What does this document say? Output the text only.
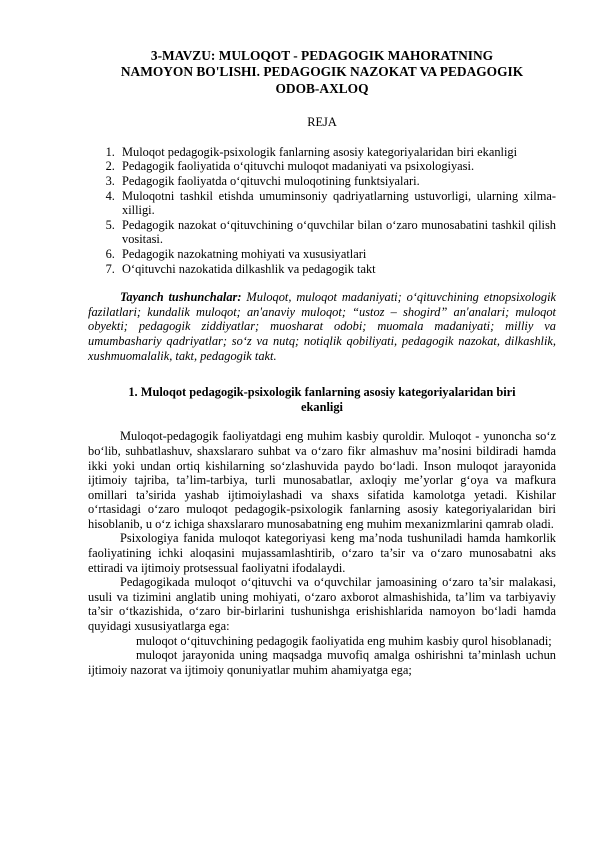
3-MAVZU: MULOQOT - PEDAGOGIK MAHORATNING
NAMOYON BO'LISHI. PEDAGOGIK NAZOKAT VA PEDAGOGIK
ODOB-AXLOQ
REJA
1. Muloqot pedagogik-psixologik fanlarning asosiy kategoriyalaridan biri ekanligi
2. Pedagogik faoliyatida o‘qituvchi muloqot madaniyati va psixologiyasi.
3. Pedagogik faoliyatda o‘qituvchi muloqotining funktsiyalari.
4. Muloqotni tashkil etishda umuminsoniy qadriyatlarning ustuvorligi, ularning xilma-xilligi.
5. Pedagogik nazokat o‘qituvchining o‘quvchilar bilan o‘zaro munosabatini tashkil qilish vositasi.
6. Pedagogik nazokatning mohiyati va xususiyatlari
7. O‘qituvchi nazokatida dilkashlik va pedagogik takt

Tayanch tushunchalar: Muloqot, muloqot madaniyati; o‘qituvchining etnopsixologik fazilatlari; kundalik muloqot; an'anaviy muloqot; “ustoz – shogird” an'analari; muloqot obyekti; pedagogik ziddiyatlar; muosharat odobi; muomala madaniyati; milliy va umumbashariy qadriyatlar; so‘z va nutq; notiqlik qobiliyati, pedagogik nazokat, dilkashlik, xushmuomalalik, takt, pedagogik takt.

1. Muloqot pedagogik-psixologik fanlarning asosiy kategoriyalaridan biri
ekanligi

Muloqot-pedagogik faoliyatdagi eng muhim kasbiy quroldir. Muloqot - yunoncha so‘z bo‘lib, suhbatlashuv, shaxslararo suhbat va o‘zaro fikr almashuv ma’nosini bildiradi hamda ikki yoki undan ortiq kishilarning so‘zlashuvida paydo bo‘ladi. Inson muloqot jarayonida ijtimoiy tajriba, ta’lim-tarbiya, turli munosabatlar, axloqiy me’yorlar g‘oya va mafkura omillari ta’sirida yashab ijtimoiylashadi va shaxs sifatida kamolotga yetadi. Kishilar o‘rtasidagi o‘zaro muloqot pedagogik-psixologik fanlarning asosiy kategoriyalaridan biri hisoblanib, u o‘z ichiga shaxslararo munosabatning eng muhim mexanizmlarini qamrab oladi.

Psixologiya fanida muloqot kategoriyasi keng ma’noda tushuniladi hamda hamkorlik faoliyatining ichki aloqasini mujassamlashtirib, o‘zaro ta’sir va o‘zaro munosabatni aks ettiradi va ijtimoiy protsessual faoliyatni ifodalaydi.

Pedagogikada muloqot o‘qituvchi va o‘quvchilar jamoasining o‘zaro ta’sir malakasi, usuli va tizimini anglatib uning mohiyati, o‘zaro axborot almashishida, ta’lim va tarbiyaviy ta’sir o‘tkazishida, o‘zaro bir-birlarini tushunishga erishishlarida namoyon bo‘ladi hamda quyidagi xususiyatlarga ega:

muloqot o‘qituvchining pedagogik faoliyatida eng muhim kasbiy qurol hisoblanadi;

muloqot jarayonida uning maqsadga muvofiq amalga oshirishni ta’minlash uchun ijtimoiy nazorat va ijtimoiy qonuniyatlar muhim ahamiyatga ega;
